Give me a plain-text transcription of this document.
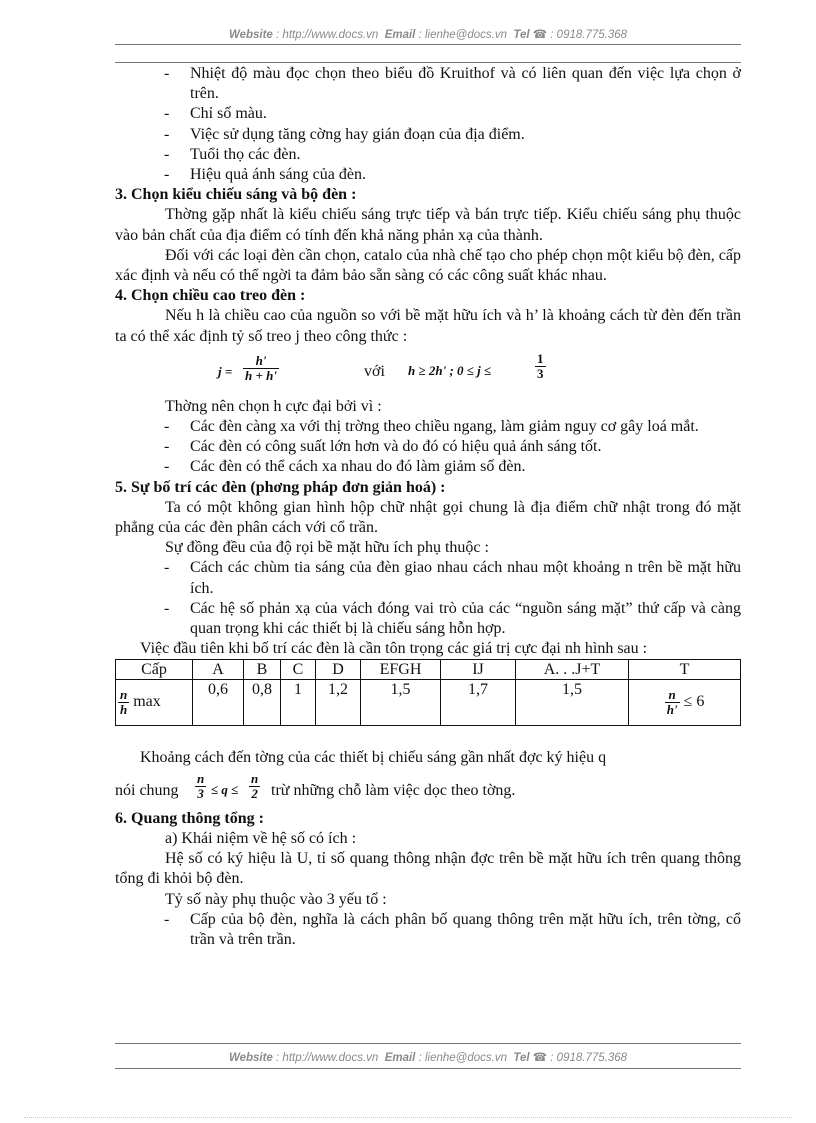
Website : http://www.docs.vn Email : lienhe@docs.vn Tel ☎ : 0918.775.368

- Nhiệt độ màu đọc chọn theo biểu đồ Kruithof và có liên quan đến việc lựa chọn ở trên.

- Chỉ số màu.

- Việc sử dụng tăng cờng hay gián đoạn của địa điểm.

- Tuổi thọ các đèn.

- Hiệu quả ánh sáng của đèn.

3. Chọn kiểu chiếu sáng và bộ đèn :

Thờng gặp nhất là kiểu chiếu sáng trực tiếp và bán trực tiếp. Kiểu chiếu sáng phụ thuộc vào bản chất của địa điểm có tính đến khả năng phản xạ của thành.

Đối với các loại đèn cần chọn, catalo của nhà chế tạo cho phép chọn một kiểu bộ đèn, cấp xác định và nếu có thể ngời ta đảm bảo sẵn sàng có các công suất khác nhau.

4. Chọn chiều cao treo đèn :

Nếu h là chiều cao của nguồn so với bề mặt hữu ích và h’ là khoảng cách từ đèn đến trần ta có thể xác định tỷ số treo j theo công thức :

$j = \frac{h'}{h + h'}$	với h ≥ 2h' ; 0 ≤ j ≤	$\frac{1}{3}$

Thờng nên chọn h cực đại bởi vì :

- Các đèn càng xa với thị trờng theo chiều ngang, làm giảm nguy cơ gây loá mắt.

- Các đèn có công suất lớn hơn và do đó có hiệu quả ánh sáng tốt.

- Các đèn có thể cách xa nhau do đó làm giảm số đèn.

5. Sự bố trí các đèn (phơng pháp đơn giản hoá) :

Ta có một không gian hình hộp chữ nhật gọi chung là địa điểm chữ nhật trong đó mặt phẳng của các đèn phân cách với cổ trần.

Sự đồng đều của độ rọi bề mặt hữu ích phụ thuộc :

- Cách các chùm tia sáng của đèn giao nhau cách nhau một khoảng n trên bề mặt hữu ích.

- Các hệ số phản xạ của vách đóng vai trò của các “nguồn sáng mặt” thứ cấp và càng quan trọng khi các thiết bị là chiếu sáng hỗn hợp.

Việc đầu tiên khi bố trí các đèn là cần tôn trọng các giá trị cực đại nh hình sau :

Cấp	A	B	C	D	EFGH	IJ	A. . .J+T	T

$\frac{n}{h}$ max	0,6	0,8	1	1,2	1,5	1,7	1,5	$\frac{n}{h'} \le 6$

Khoảng cách đến tờng của các thiết bị chiếu sáng gần nhất đợc ký hiệu q

nói chung $\frac{n}{3} \le q \le \frac{n}{2}$ trừ những chỗ làm việc dọc theo tờng.

6. Quang thông tổng :

a) Khái niệm về hệ số có ích :

Hệ số có ký hiệu là U, tỉ số quang thông nhận đợc trên bề mặt hữu ích trên quang thông tổng đi khỏi bộ đèn.

Tỷ số này phụ thuộc vào 3 yếu tố :

- Cấp của bộ đèn, nghĩa là cách phân bố quang thông trên mặt hữu ích, trên tờng, cổ trần và trên trần.

Website : http://www.docs.vn Email : lienhe@docs.vn Tel ☎ : 0918.775.368
